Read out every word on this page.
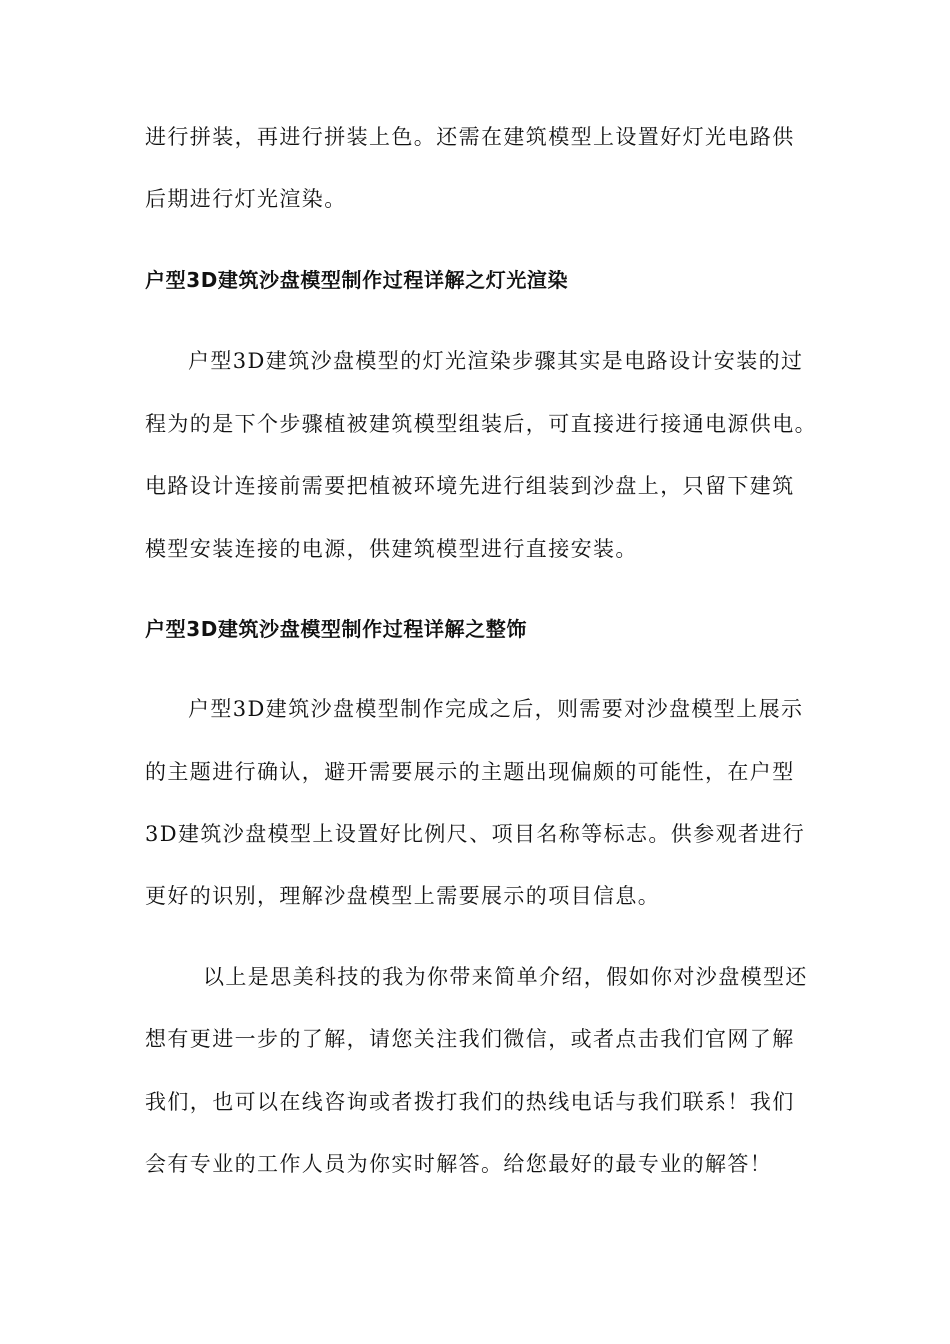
进行拼装，再进行拼装上色。还需在建筑模型上设置好灯光电路供
后期进行灯光渲染。
户型3D建筑沙盘模型制作过程详解之灯光渲染
户型3D建筑沙盘模型的灯光渲染步骤其实是电路设计安装的过
程为的是下个步骤植被建筑模型组装后，可直接进行接通电源供电。
电路设计连接前需要把植被环境先进行组装到沙盘上，只留下建筑
模型安装连接的电源，供建筑模型进行直接安装。
户型3D建筑沙盘模型制作过程详解之整饰
户型3D建筑沙盘模型制作完成之后，则需要对沙盘模型上展示
的主题进行确认，避开需要展示的主题出现偏颇的可能性，在户型
3D建筑沙盘模型上设置好比例尺、项目名称等标志。供参观者进行
更好的识别，理解沙盘模型上需要展示的项目信息。
以上是思美科技的我为你带来简单介绍，假如你对沙盘模型还
想有更进一步的了解，请您关注我们微信，或者点击我们官网了解
我们，也可以在线咨询或者拨打我们的热线电话与我们联系！我们
会有专业的工作人员为你实时解答。给您最好的最专业的解答！
